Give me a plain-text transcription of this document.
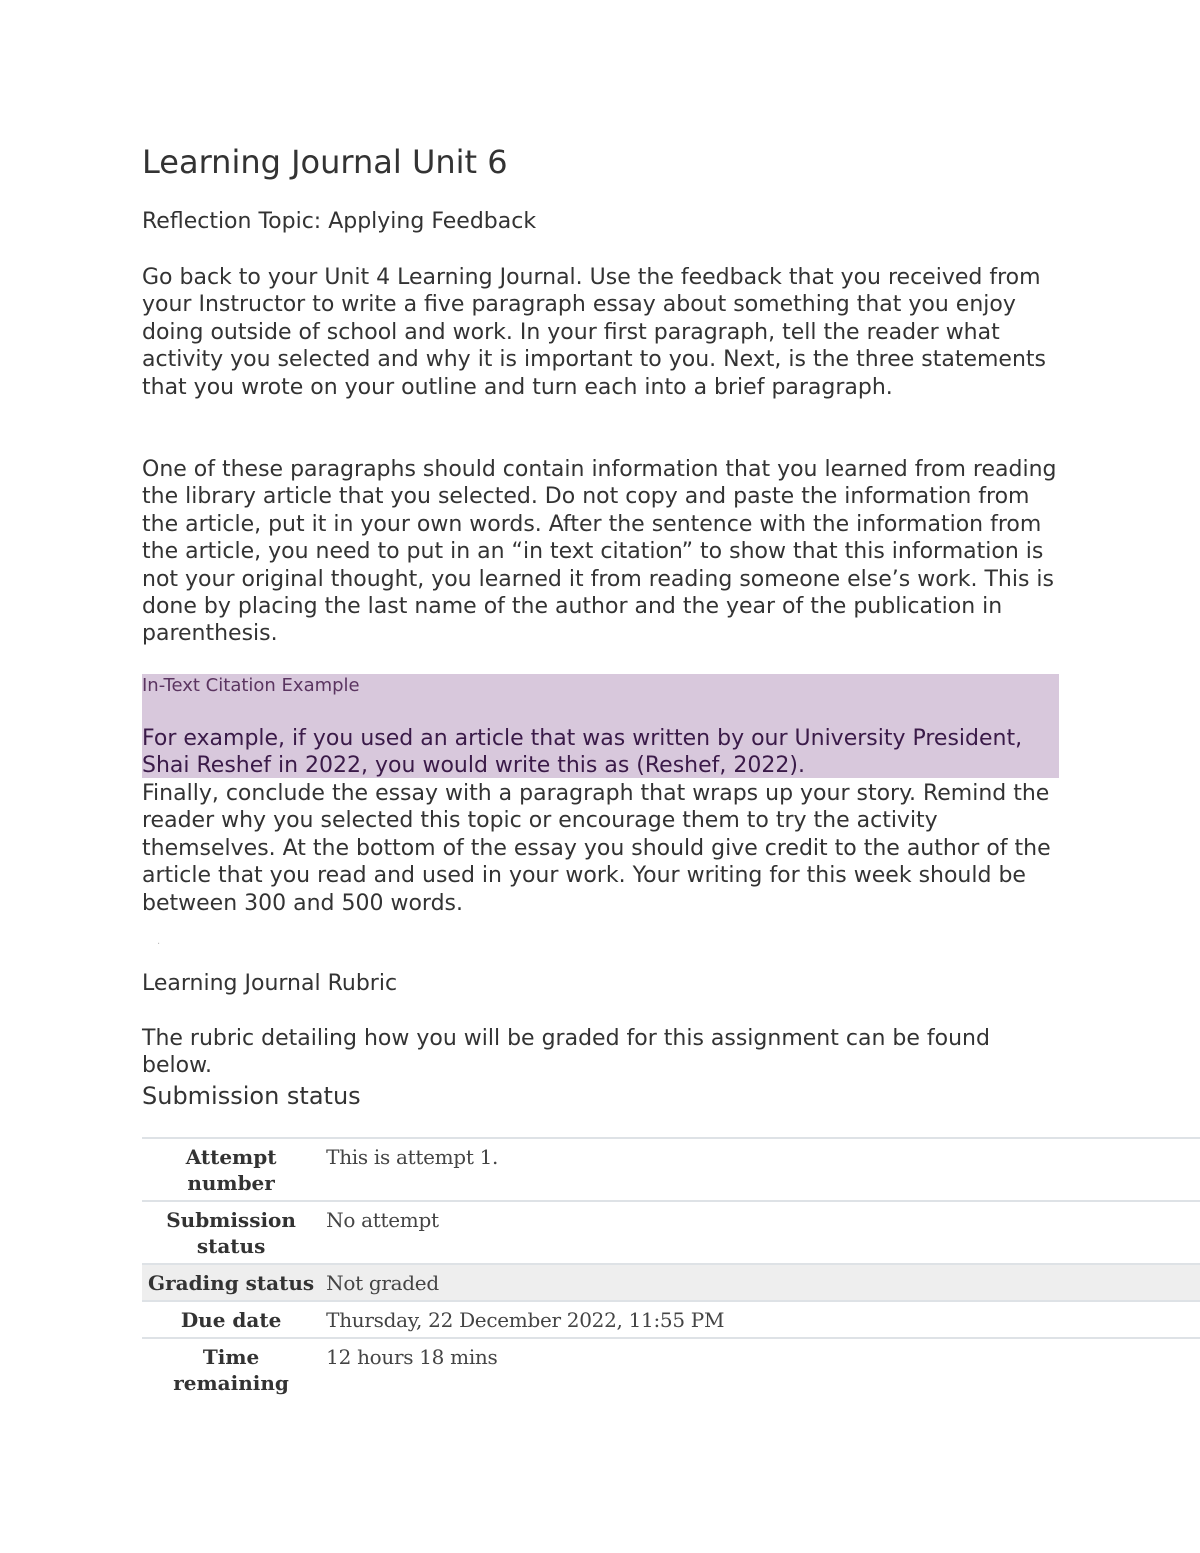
Learning Journal Unit 6

Reflection Topic: Applying Feedback

Go back to your Unit 4 Learning Journal. Use the feedback that you received from your Instructor to write a five paragraph essay about something that you enjoy doing outside of school and work. In your first paragraph, tell the reader what activity you selected and why it is important to you. Next, is the three statements that you wrote on your outline and turn each into a brief paragraph.

One of these paragraphs should contain information that you learned from reading the library article that you selected. Do not copy and paste the information from the article, put it in your own words. After the sentence with the information from the article, you need to put in an “in text citation” to show that this information is not your original thought, you learned it from reading someone else’s work. This is done by placing the last name of the author and the year of the publication in parenthesis.

In-Text Citation Example

For example, if you used an article that was written by our University President, Shai Reshef in 2022, you would write this as (Reshef, 2022).

Finally, conclude the essay with a paragraph that wraps up your story. Remind the reader why you selected this topic or encourage them to try the activity themselves. At the bottom of the essay you should give credit to the author of the article that you read and used in your work. Your writing for this week should be between 300 and 500 words.

.

Learning Journal Rubric

The rubric detailing how you will be graded for this assignment can be found below.

Submission status
Attempt number	This is attempt 1.
Submission status	No attempt
Grading status	Not graded
Due date	Thursday, 22 December 2022, 11:55 PM
Time remaining	12 hours 18 mins
